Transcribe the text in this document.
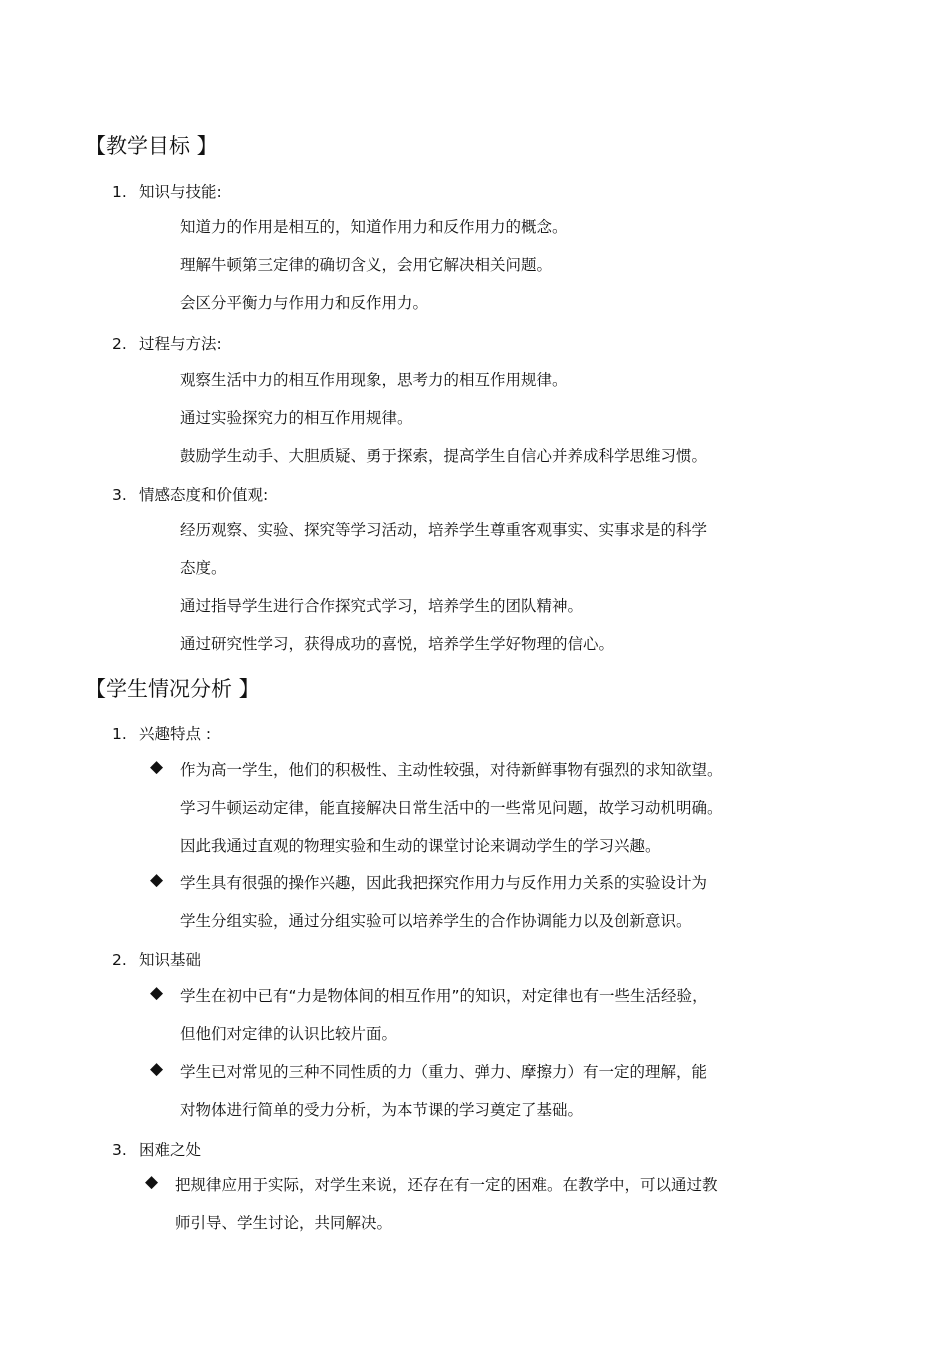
【教学目标 】
1. 知识与技能:
知道力的作用是相互的，知道作用力和反作用力的概念。
理解牛顿第三定律的确切含义，会用它解决相关问题。
会区分平衡力与作用力和反作用力。
2. 过程与方法:
观察生活中力的相互作用现象，思考力的相互作用规律。
通过实验探究力的相互作用规律。
鼓励学生动手、大胆质疑、勇于探索，提高学生自信心并养成科学思维习惯。
3. 情感态度和价值观:
经历观察、实验、探究等学习活动，培养学生尊重客观事实、实事求是的科学
态度。
通过指导学生进行合作探究式学习，培养学生的团队精神。
通过研究性学习，获得成功的喜悦，培养学生学好物理的信心。
【学生情况分析 】
1. 兴趣特点 :
◆ 作为高一学生，他们的积极性、主动性较强，对待新鲜事物有强烈的求知欲望。
学习牛顿运动定律，能直接解决日常生活中的一些常见问题，故学习动机明确。
因此我通过直观的物理实验和生动的课堂讨论来调动学生的学习兴趣。
◆ 学生具有很强的操作兴趣，因此我把探究作用力与反作用力关系的实验设计为
学生分组实验，通过分组实验可以培养学生的合作协调能力以及创新意识。
2. 知识基础
◆ 学生在初中已有“力是物体间的相互作用”的知识，对定律也有一些生活经验，
但他们对定律的认识比较片面。
◆ 学生已对常见的三种不同性质的力（重力、弹力、摩擦力）有一定的理解，能
对物体进行简单的受力分析，为本节课的学习奠定了基础。
3. 困难之处
◆ 把规律应用于实际，对学生来说，还存在有一定的困难。在教学中，可以通过教
师引导、学生讨论，共同解决。
